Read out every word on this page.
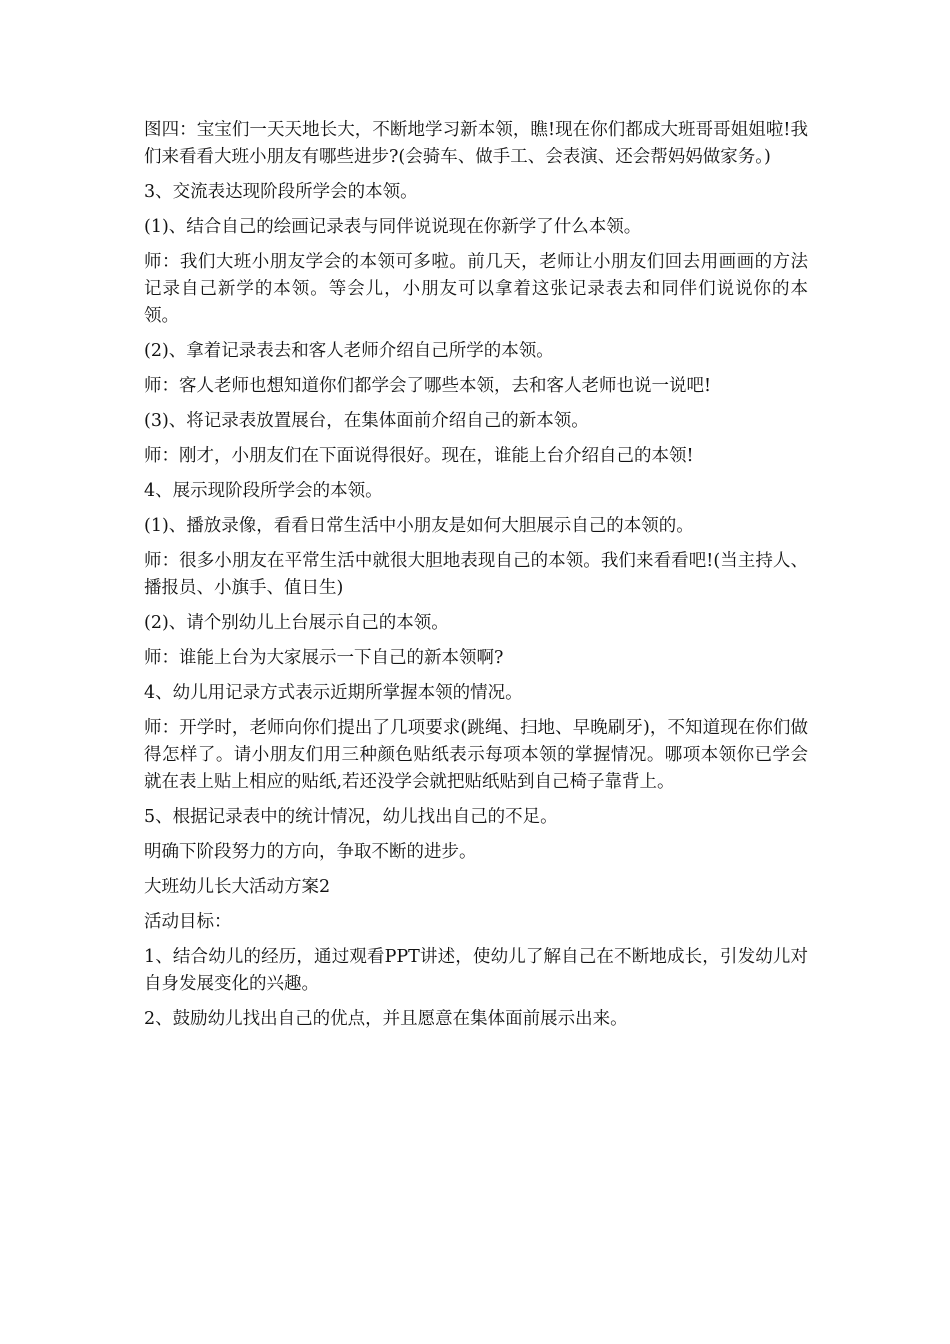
图四：宝宝们一天天地长大，不断地学习新本领，瞧!现在你们都成大班哥哥姐姐啦!我们来看看大班小朋友有哪些进步?(会骑车、做手工、会表演、还会帮妈妈做家务。)

3、交流表达现阶段所学会的本领。

(1)、结合自己的绘画记录表与同伴说说现在你新学了什么本领。

师：我们大班小朋友学会的本领可多啦。前几天，老师让小朋友们回去用画画的方法记录自己新学的本领。等会儿，小朋友可以拿着这张记录表去和同伴们说说你的本领。

(2)、拿着记录表去和客人老师介绍自己所学的本领。

师：客人老师也想知道你们都学会了哪些本领，去和客人老师也说一说吧!

(3)、将记录表放置展台，在集体面前介绍自己的新本领。

师：刚才，小朋友们在下面说得很好。现在，谁能上台介绍自己的本领!

4、展示现阶段所学会的本领。

(1)、播放录像，看看日常生活中小朋友是如何大胆展示自己的本领的。

师：很多小朋友在平常生活中就很大胆地表现自己的本领。我们来看看吧!(当主持人、播报员、小旗手、值日生)

(2)、请个别幼儿上台展示自己的本领。

师：谁能上台为大家展示一下自己的新本领啊?

4、幼儿用记录方式表示近期所掌握本领的情况。

师：开学时，老师向你们提出了几项要求(跳绳、扫地、早晚刷牙)，不知道现在你们做得怎样了。请小朋友们用三种颜色贴纸表示每项本领的掌握情况。哪项本领你已学会就在表上贴上相应的贴纸,若还没学会就把贴纸贴到自己椅子靠背上。

5、根据记录表中的统计情况，幼儿找出自己的不足。

明确下阶段努力的方向，争取不断的进步。

大班幼儿长大活动方案2

活动目标：

1、结合幼儿的经历，通过观看PPT讲述，使幼儿了解自己在不断地成长，引发幼儿对自身发展变化的兴趣。

2、鼓励幼儿找出自己的优点，并且愿意在集体面前展示出来。
